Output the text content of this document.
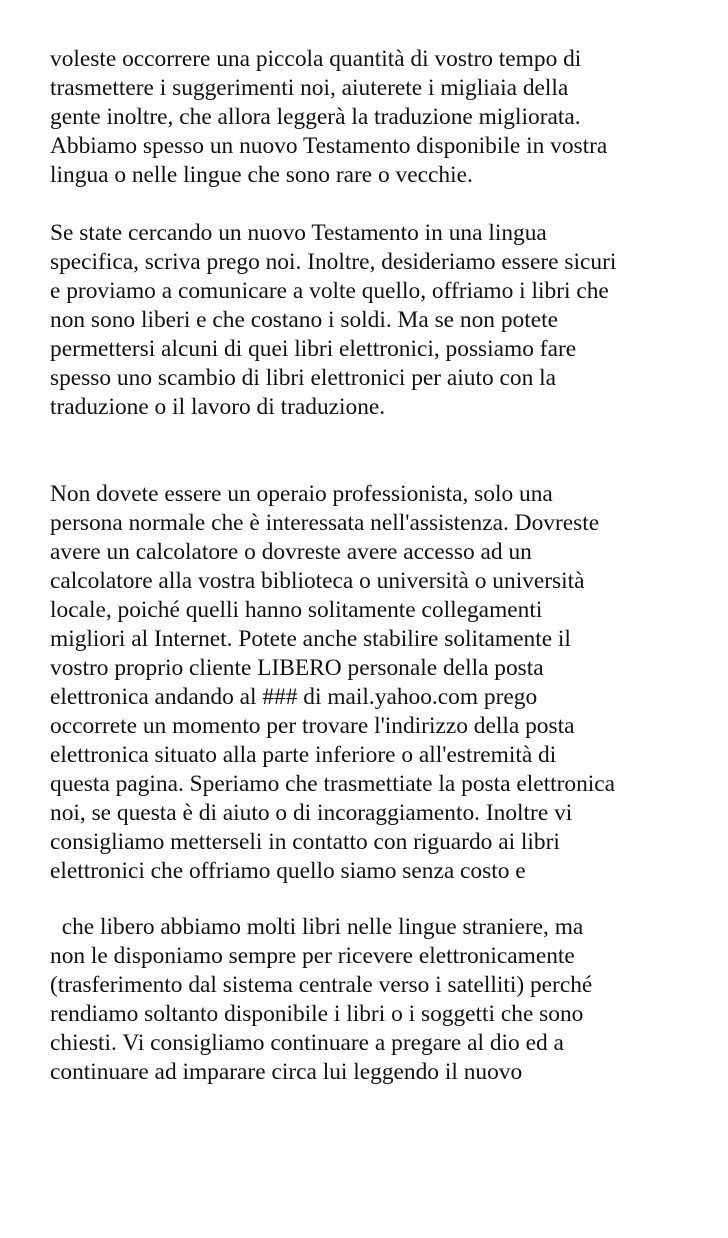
voleste occorrere una piccola quantità di vostro tempo di
trasmettere i suggerimenti noi, aiuterete i migliaia della
gente inoltre, che allora leggerà la traduzione migliorata.
Abbiamo spesso un nuovo Testamento disponibile in vostra
lingua o nelle lingue che sono rare o vecchie.
Se state cercando un nuovo Testamento in una lingua
specifica, scriva prego noi. Inoltre, desideriamo essere sicuri
e proviamo a comunicare a volte quello, offriamo i libri che
non sono liberi e che costano i soldi. Ma se non potete
permettersi alcuni di quei libri elettronici, possiamo fare
spesso uno scambio di libri elettronici per aiuto con la
traduzione o il lavoro di traduzione.
Non dovete essere un operaio professionista, solo una
persona normale che è interessata nell'assistenza. Dovreste
avere un calcolatore o dovreste avere accesso ad un
calcolatore alla vostra biblioteca o università o università
locale, poiché quelli hanno solitamente collegamenti
migliori al Internet. Potete anche stabilire solitamente il
vostro proprio cliente LIBERO personale della posta
elettronica andando al ### di mail.yahoo.com prego
occorrete un momento per trovare l'indirizzo della posta
elettronica situato alla parte inferiore o all'estremità di
questa pagina. Speriamo che trasmettiate la posta elettronica
noi, se questa è di aiuto o di incoraggiamento. Inoltre vi
consigliamo metterseli in contatto con riguardo ai libri
elettronici che offriamo quello siamo senza costo e
che libero abbiamo molti libri nelle lingue straniere, ma
non le disponiamo sempre per ricevere elettronicamente
(trasferimento dal sistema centrale verso i satelliti) perché
rendiamo soltanto disponibile i libri o i soggetti che sono
chiesti. Vi consigliamo continuare a pregare al dio ed a
continuare ad imparare circa lui leggendo il nuovo
